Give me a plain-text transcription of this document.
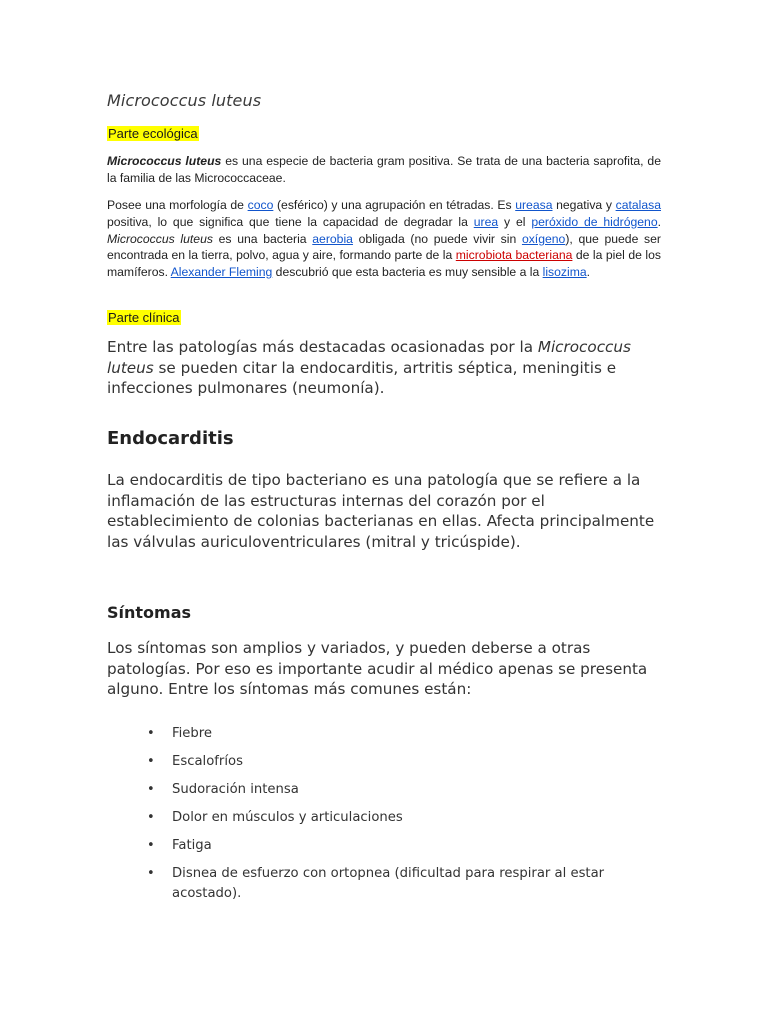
Micrococcus luteus

Parte ecológica

Micrococcus luteus es una especie de bacteria gram positiva. Se trata de una bacteria saprofita, de la familia de las Micrococcaceae.

Posee una morfología de coco (esférico) y una agrupación en tétradas. Es ureasa negativa y catalasa positiva, lo que significa que tiene la capacidad de degradar la urea y el peróxido de hidrógeno. Micrococcus luteus es una bacteria aerobia obligada (no puede vivir sin oxígeno), que puede ser encontrada en la tierra, polvo, agua y aire, formando parte de la microbiota bacteriana de la piel de los mamíferos. Alexander Fleming descubrió que esta bacteria es muy sensible a la lisozima.

Parte clínica

Entre las patologías más destacadas ocasionadas por la Micrococcus luteus se pueden citar la endocarditis, artritis séptica, meningitis e infecciones pulmonares (neumonía).

Endocarditis

La endocarditis de tipo bacteriano es una patología que se refiere a la inflamación de las estructuras internas del corazón por el establecimiento de colonias bacterianas en ellas. Afecta principalmente las válvulas auriculoventriculares (mitral y tricúspide).

Síntomas

Los síntomas son amplios y variados, y pueden deberse a otras patologías. Por eso es importante acudir al médico apenas se presenta alguno. Entre los síntomas más comunes están:

• Fiebre
• Escalofríos
• Sudoración intensa
• Dolor en músculos y articulaciones
• Fatiga
• Disnea de esfuerzo con ortopnea (dificultad para respirar al estar acostado).
